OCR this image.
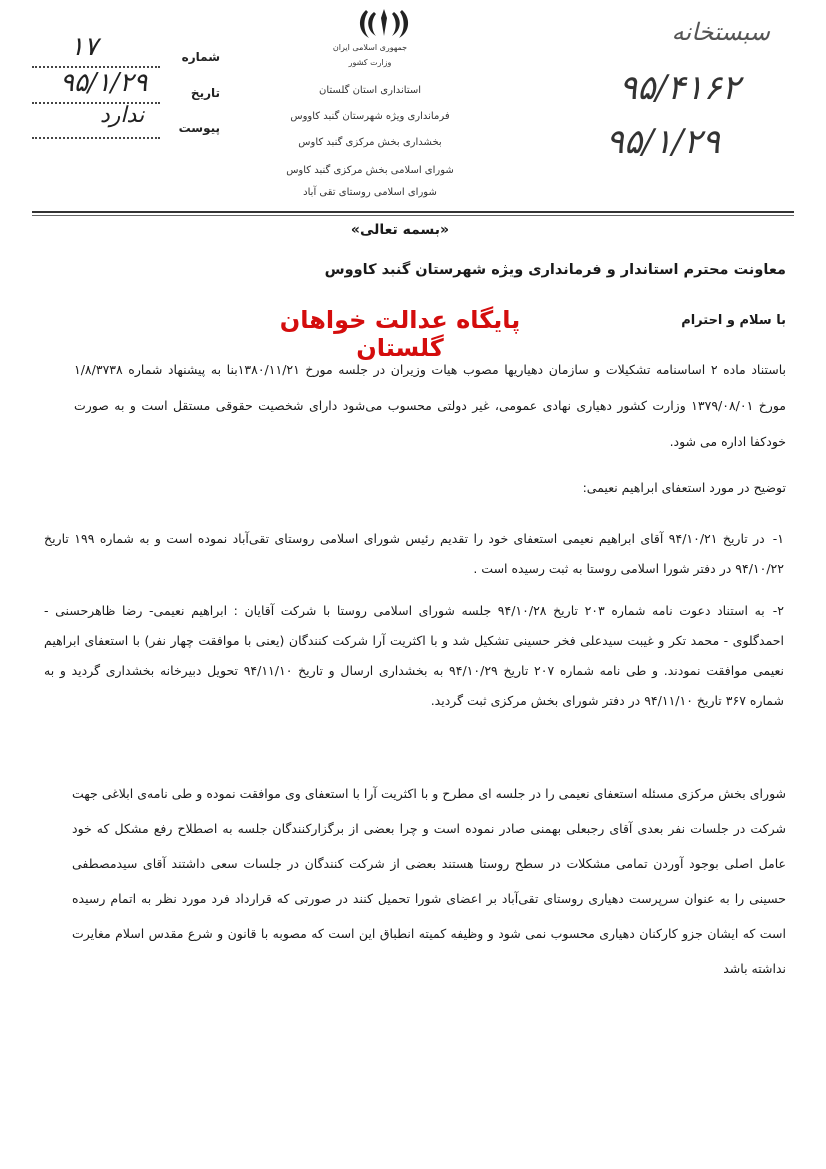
جمهوری اسلامی ایران
وزارت کشور
استانداری استان گلستان
فرمانداری ویژه شهرستان گنبد کاووس
بخشداری بخش مرکزی گنبد کاوس
شورای اسلامی بخش مرکزی گنبد کاوس
شورای اسلامی روستای تقی آباد
شماره
۱۷
تاریخ
۹۵/۱/۲۹
پیوست
ندارد
سبستخانه
۹۵/۴۱۶۲
۹۵/۱/۲۹
«بسمه تعالی»
معاونت محترم استاندار و فرمانداری ویژه شهرستان گنبد کاووس
با سلام و احترام
پایگاه عدالت خواهان گلستان
باستناد ماده ۲ اساسنامه تشکیلات و سازمان دهیاریها مصوب هیات وزیران در جلسه مورخ ۱۳۸۰/۱۱/۲۱بنا به پیشنهاد شماره ۱/۸/۳۷۳۸ مورخ ۱۳۷۹/۰۸/۰۱ وزارت کشور دهیاری نهادی عمومی، غیر دولتی محسوب می‌شود دارای شخصیت حقوقی مستقل است و به صورت خودکفا اداره می شود.
توضیح در مورد استعفای ابراهیم نعیمی:
۱-در تاریخ ۹۴/۱۰/۲۱ آقای ابراهیم نعیمی استعفای خود را تقدیم رئیس شورای اسلامی روستای تقی‌آباد نموده است و به شماره ۱۹۹ تاریخ ۹۴/۱۰/۲۲ در دفتر شورا اسلامی روستا به ثبت رسیده است .
۲-به استناد دعوت نامه شماره ۲۰۳ تاریخ ۹۴/۱۰/۲۸ جلسه شورای اسلامی روستا با شرکت آقایان : ابراهیم نعیمی- رضا ظاهرحسنی - احمدگلوی - محمد تکر و غیبت سیدعلی فخر حسینی تشکیل شد و با اکثریت آرا شرکت کنندگان (یعنی با موافقت چهار نفر) با استعفای ابراهیم نعیمی موافقت نمودند. و طی نامه شماره ۲۰۷ تاریخ ۹۴/۱۰/۲۹ به بخشداری ارسال و تاریخ ۹۴/۱۱/۱۰ تحویل دبیرخانه بخشداری گردید و به شماره ۳۶۷ تاریخ ۹۴/۱۱/۱۰ در دفتر شورای بخش مرکزی ثبت گردید.
شورای بخش مرکزی مسئله استعفای نعیمی را در جلسه ای مطرح و با اکثریت آرا با استعفای وی موافقت نموده و طی نامه‌ی ابلاغی جهت شرکت در جلسات نفر بعدی آقای رجبعلی بهمنی صادر نموده است و چرا بعضی از برگزارکنندگان جلسه به اصطلاح رفع مشکل که خود عامل اصلی بوجود آوردن تمامی مشکلات در سطح روستا هستند بعضی از شرکت کنندگان در جلسات سعی داشتند آقای سیدمصطفی حسینی را به عنوان سرپرست دهیاری روستای تقی‌آباد بر اعضای شورا تحمیل کنند در صورتی که قرارداد فرد مورد نظر به اتمام رسیده است که ایشان جزو کارکنان دهیاری محسوب نمی شود و وظیفه کمیته انطباق این است که مصوبه با قانون و شرع مقدس اسلام مغایرت نداشته باشد
